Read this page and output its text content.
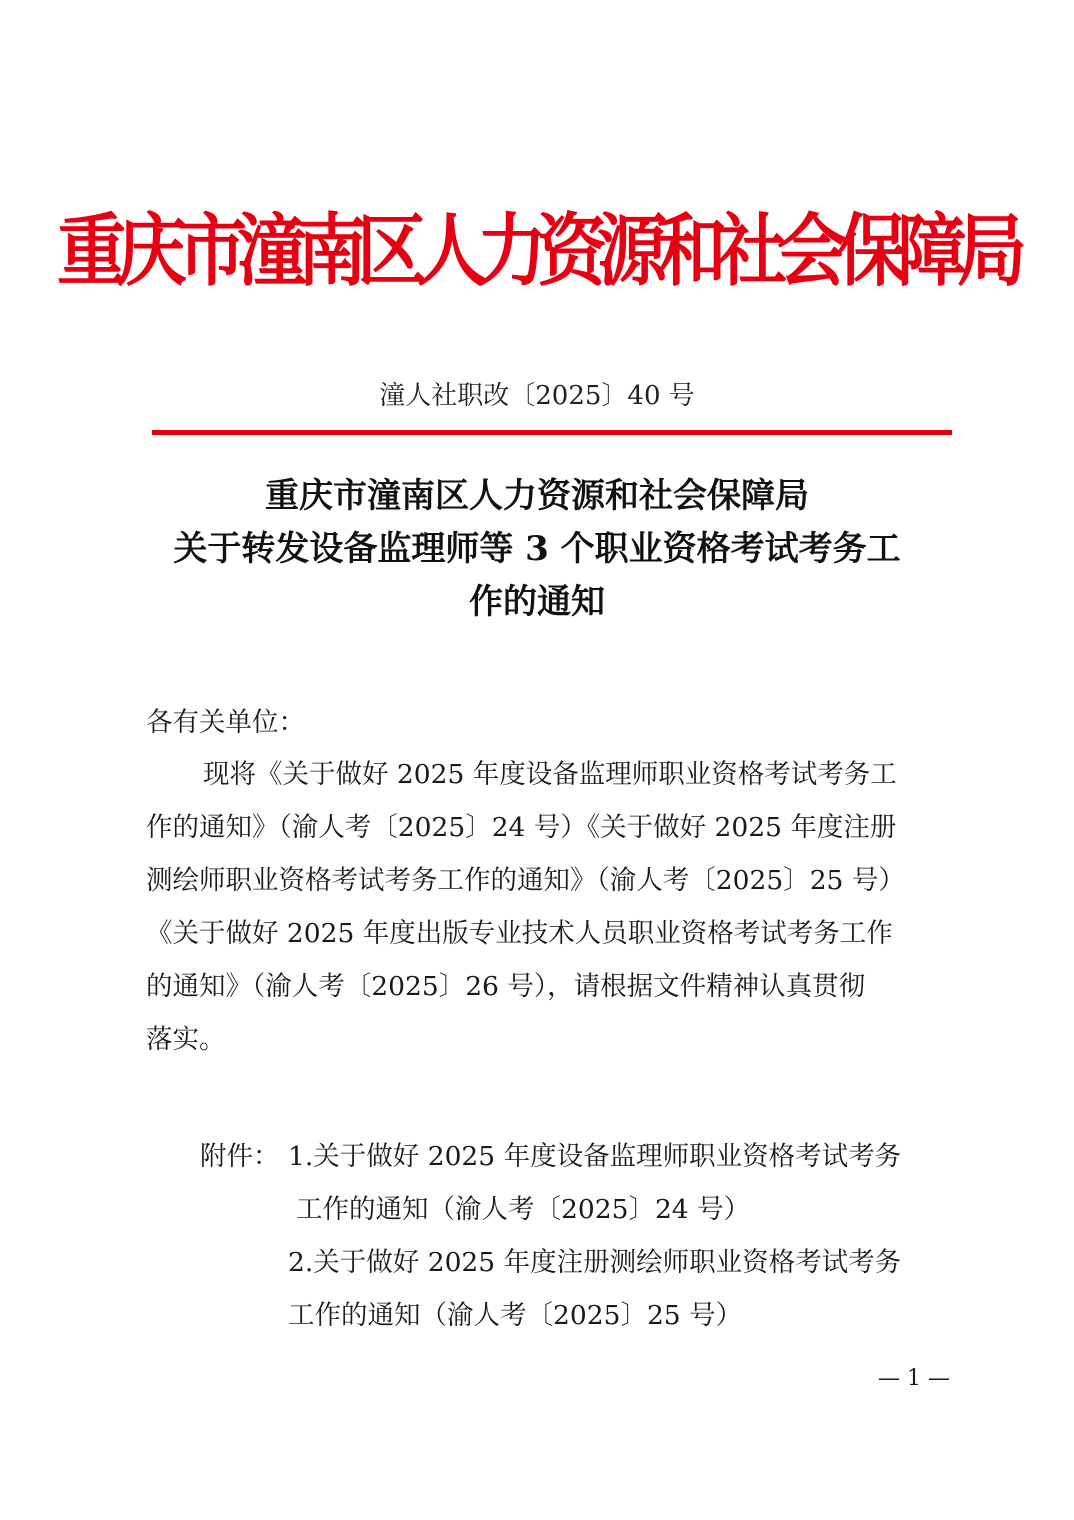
重庆市潼南区人力资源和社会保障局
潼人社职改〔2025〕40 号
重庆市潼南区人力资源和社会保障局
关于转发设备监理师等 3 个职业资格考试考务工
作的通知
各有关单位：
现将《关于做好 2025 年度设备监理师职业资格考试考务工
作的通知》（渝人考〔2025〕24 号）《关于做好 2025 年度注册
测绘师职业资格考试考务工作的通知》（渝人考〔2025〕25 号）
《关于做好 2025 年度出版专业技术人员职业资格考试考务工作
的通知》（渝人考〔2025〕26 号），请根据文件精神认真贯彻
落实。
附件： 1.关于做好 2025 年度设备监理师职业资格考试考务
工作的通知（渝人考〔2025〕24 号）
2.关于做好 2025 年度注册测绘师职业资格考试考务
工作的通知（渝人考〔2025〕25 号）
— 1 —
